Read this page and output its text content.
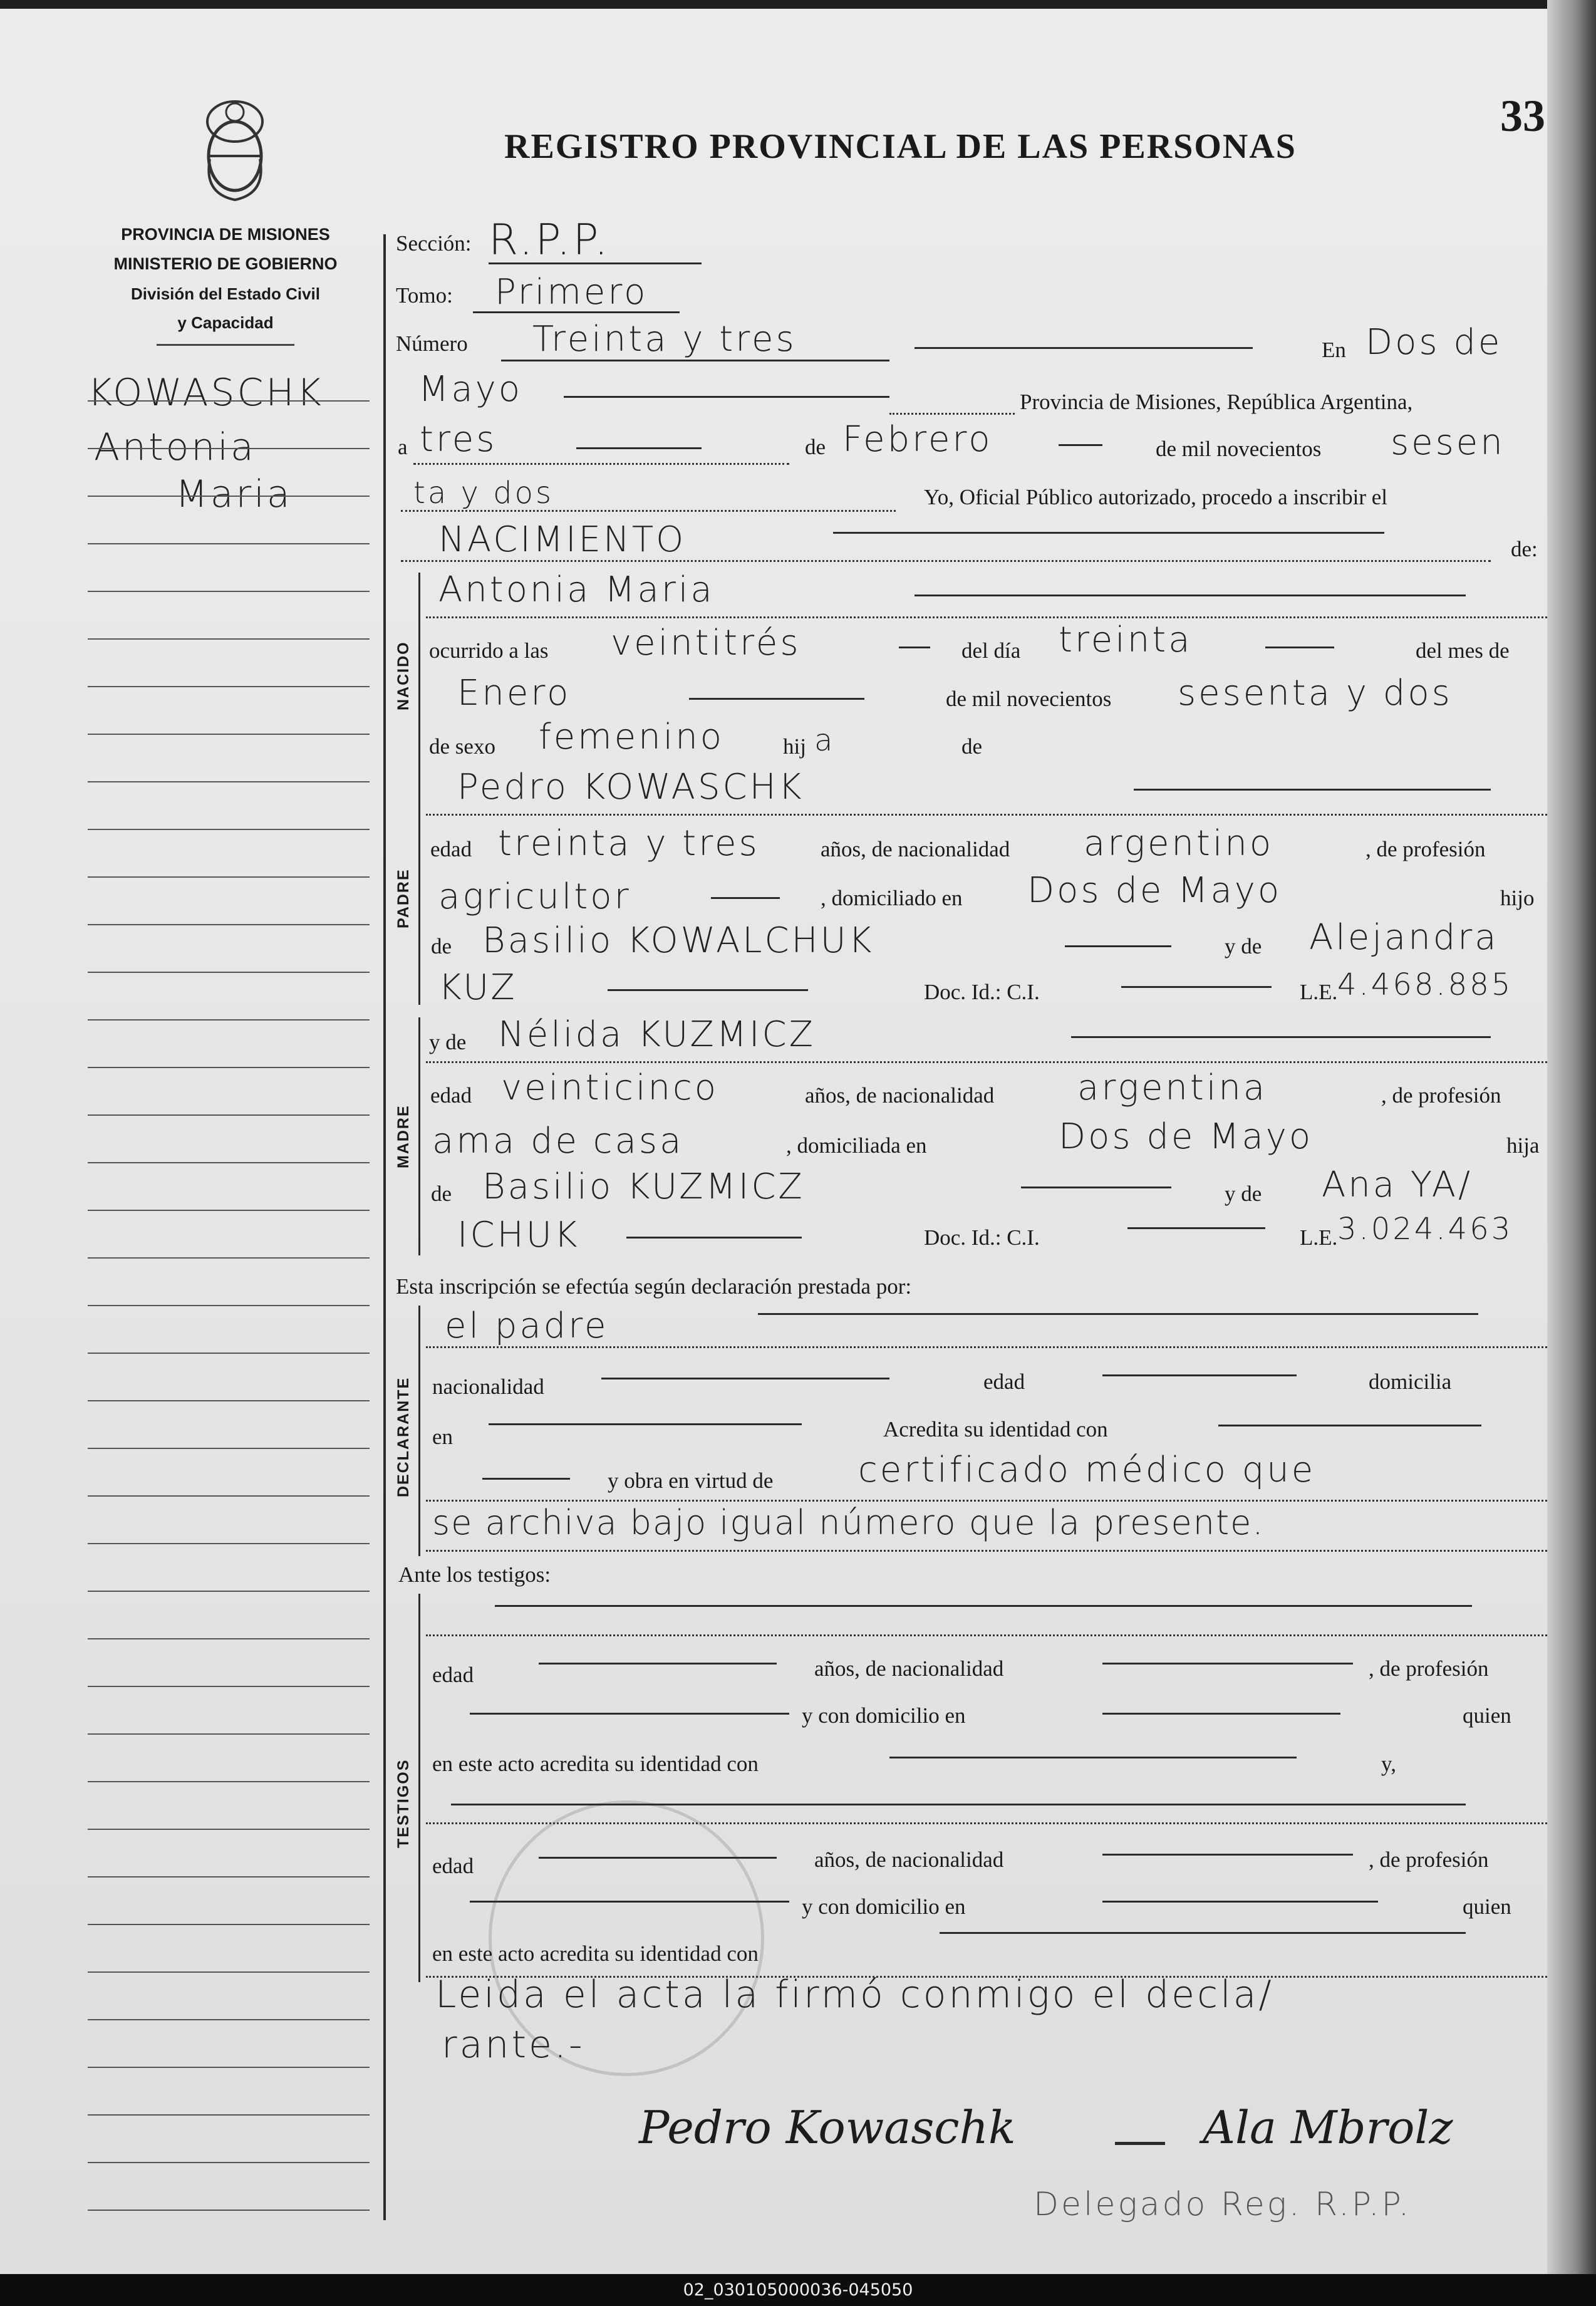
REGISTRO PROVINCIAL DE LAS PERSONAS
33
PROVINCIA DE MISIONES
MINISTERIO DE GOBIERNO
División del Estado Civil
y Capacidad
KOWASCHK
Antonia
Maria
Sección: R.P.P.
Tomo: Primero
Número Treinta y tres	En Dos de
Mayo	Provincia de Misiones, República Argentina,
a tres	de Febrero	de mil novecientos sesen
ta y dos	Yo, Oficial Público autorizado, procedo a inscribir el
NACIMIENTO	de:
NACIDO
Antonia Maria
ocurrido a las veintitrés	del día treinta	del mes de
Enero	de mil novecientos sesenta y dos
de sexo femenino	hij a	de
PADRE
Pedro KOWASCHK
edad treinta y tres	años, de nacionalidad argentino	, de profesión
agricultor	, domiciliado en Dos de Mayo	hijo
de Basilio KOWALCHUK	y de Alejandra
KUZ	Doc. Id.: C.I.	L.E. 4.468.885
MADRE
y de Nélida KUZMICZ
edad veinticinco	años, de nacionalidad argentina	, de profesión
ama de casa	, domiciliada en	Dos de Mayo	hija
de Basilio KUZMICZ	y de Ana YA/
ICHUK	Doc. Id.: C.I.	L.E. 3.024.463
Esta inscripción se efectúa según declaración prestada por:
DECLARANTE
el padre
nacionalidad	edad	domicilia
en	Acredita su identidad con
y obra en virtud de certificado médico que
se archiva bajo igual número que la presente.
Ante los testigos:
TESTIGOS
edad	años, de nacionalidad	, de profesión
y con domicilio en	quien
en este acto acredita su identidad con	y,
edad	años, de nacionalidad	, de profesión
y con domicilio en	quien
en este acto acredita su identidad con
Leida el acta la firmó conmigo el decla/
rante.-
Pedro Kowaschk	Ala Mbrolz
Delegado Reg. R.P.P.
02_030105000036-045050
